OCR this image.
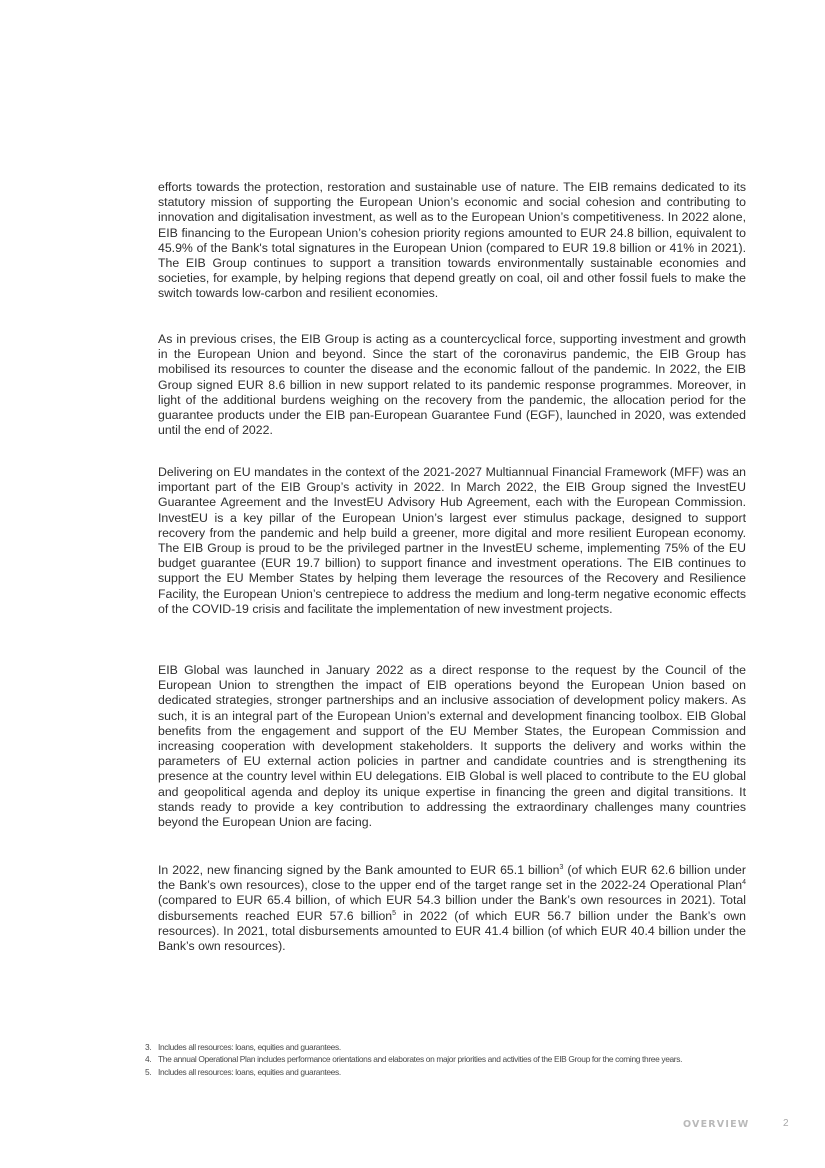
efforts towards the protection, restoration and sustainable use of nature. The EIB remains dedicated to its statutory mission of supporting the European Union’s economic and social cohesion and contributing to innovation and digitalisation investment, as well as to the European Union’s competitiveness. In 2022 alone, EIB financing to the European Union’s cohesion priority regions amounted to EUR 24.8 billion, equivalent to 45.9% of the Bank's total signatures in the European Union (compared to EUR 19.8 billion or 41% in 2021). The EIB Group continues to support a transition towards environmentally sustainable economies and societies, for example, by helping regions that depend greatly on coal, oil and other fossil fuels to make the switch towards low-carbon and resilient economies.

As in previous crises, the EIB Group is acting as a countercyclical force, supporting investment and growth in the European Union and beyond. Since the start of the coronavirus pandemic, the EIB Group has mobilised its resources to counter the disease and the economic fallout of the pandemic. In 2022, the EIB Group signed EUR 8.6 billion in new support related to its pandemic response programmes. Moreover, in light of the additional burdens weighing on the recovery from the pandemic, the allocation period for the guarantee products under the EIB pan-European Guarantee Fund (EGF), launched in 2020, was extended until the end of 2022.

Delivering on EU mandates in the context of the 2021-2027 Multiannual Financial Framework (MFF) was an important part of the EIB Group’s activity in 2022. In March 2022, the EIB Group signed the InvestEU Guarantee Agreement and the InvestEU Advisory Hub Agreement, each with the European Commission. InvestEU is a key pillar of the European Union’s largest ever stimulus package, designed to support recovery from the pandemic and help build a greener, more digital and more resilient European economy. The EIB Group is proud to be the privileged partner in the InvestEU scheme, implementing 75% of the EU budget guarantee (EUR 19.7 billion) to support finance and investment operations. The EIB continues to support the EU Member States by helping them leverage the resources of the Recovery and Resilience Facility, the European Union’s centrepiece to address the medium and long-term negative economic effects of the COVID-19 crisis and facilitate the implementation of new investment projects.

EIB Global was launched in January 2022 as a direct response to the request by the Council of the European Union to strengthen the impact of EIB operations beyond the European Union based on dedicated strategies, stronger partnerships and an inclusive association of development policy makers. As such, it is an integral part of the European Union’s external and development financing toolbox. EIB Global benefits from the engagement and support of the EU Member States, the European Commission and increasing cooperation with development stakeholders. It supports the delivery and works within the parameters of EU external action policies in partner and candidate countries and is strengthening its presence at the country level within EU delegations. EIB Global is well placed to contribute to the EU global and geopolitical agenda and deploy its unique expertise in financing the green and digital transitions. It stands ready to provide a key contribution to addressing the extraordinary challenges many countries beyond the European Union are facing.

In 2022, new financing signed by the Bank amounted to EUR 65.1 billion$^3$ (of which EUR 62.6 billion under the Bank’s own resources), close to the upper end of the target range set in the 2022-24 Operational Plan$^4$ (compared to EUR 65.4 billion, of which EUR 54.3 billion under the Bank’s own resources in 2021). Total disbursements reached EUR 57.6 billion$^5$ in 2022 (of which EUR 56.7 billion under the Bank’s own resources). In 2021, total disbursements amounted to EUR 41.4 billion (of which EUR 40.4 billion under the Bank’s own resources).

3. Includes all resources: loans, equities and guarantees.
4. The annual Operational Plan includes performance orientations and elaborates on major priorities and activities of the EIB Group for the coming three years.
5. Includes all resources: loans, equities and guarantees.
OVERVIEW	2
